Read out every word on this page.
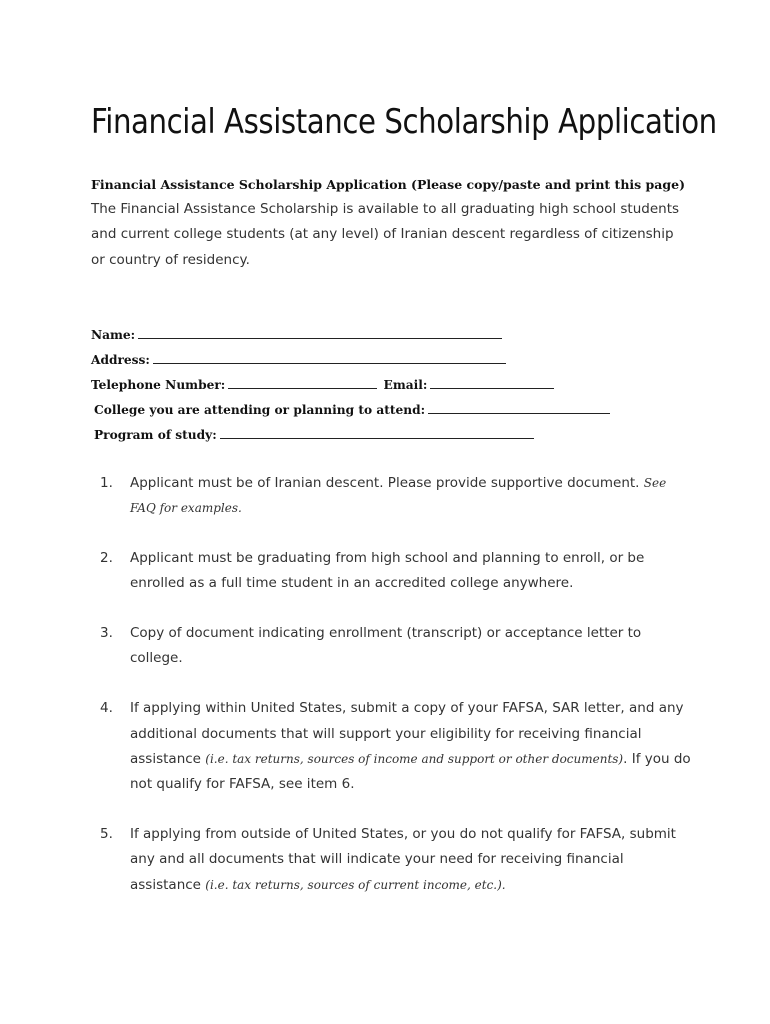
Financial Assistance Scholarship Application
Financial Assistance Scholarship Application (Please copy/paste and print this page)

The Financial Assistance Scholarship is available to all graduating high school students and current college students (at any level) of Iranian descent regardless of citizenship or country of residency.

Name:
Address:
Telephone Number:	Email:
College you are attending or planning to attend:
Program of study:
1. Applicant must be of Iranian descent. Please provide supportive document. See FAQ for examples.
2. Applicant must be graduating from high school and planning to enroll, or be enrolled as a full time student in an accredited college anywhere.
3. Copy of document indicating enrollment (transcript) or acceptance letter to college.
4. If applying within United States, submit a copy of your FAFSA, SAR letter, and any additional documents that will support your eligibility for receiving financial assistance (i.e. tax returns, sources of income and support or other documents). If you do not qualify for FAFSA, see item 6.
5. If applying from outside of United States, or you do not qualify for FAFSA, submit any and all documents that will indicate your need for receiving financial assistance (i.e. tax returns, sources of current income, etc.).
